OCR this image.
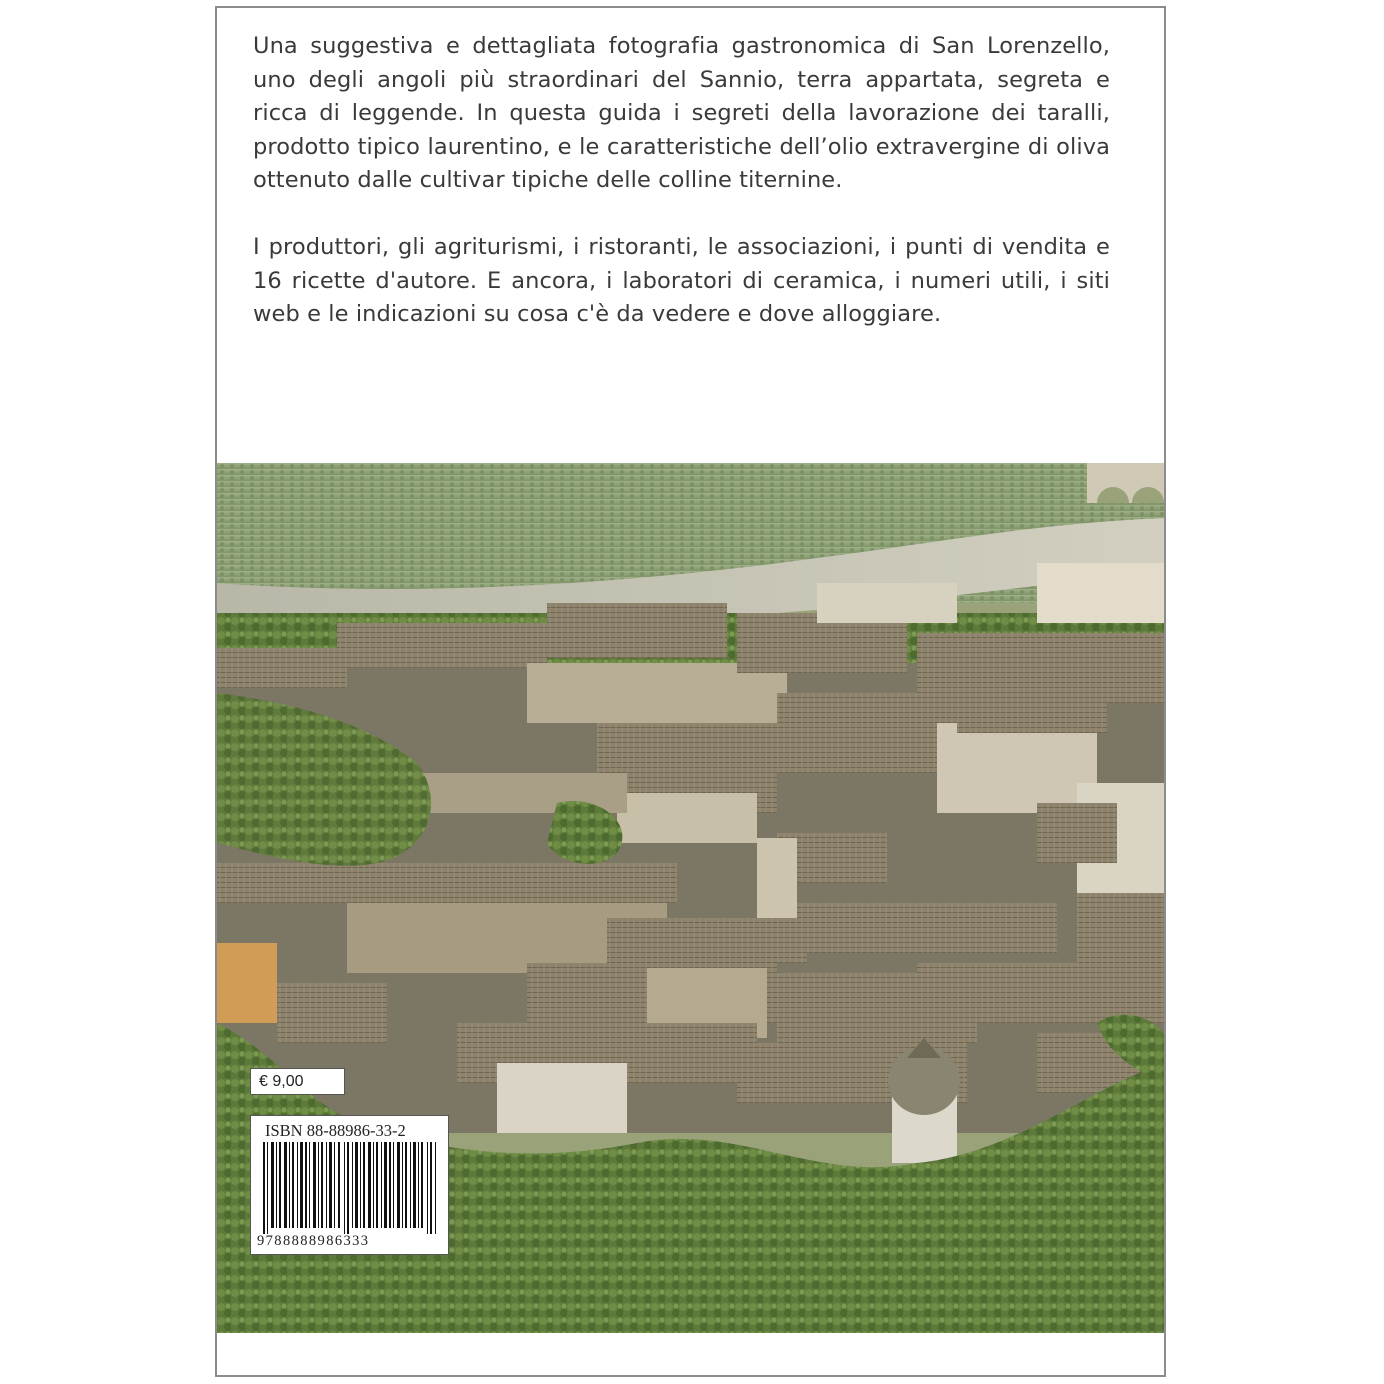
Una suggestiva e dettagliata fotografia gastronomica di San Lorenzello, uno degli angoli più straordinari del Sannio, terra appartata, segreta e ricca di leggende. In questa guida i segreti della lavorazione dei taralli, prodotto tipico laurentino, e le caratteristiche dell’olio extravergine di oliva ottenuto dalle cultivar tipiche delle colline titernine.

I produttori, gli agriturismi, i ristoranti, le associazioni, i punti di vendita e 16 ricette d'autore. E ancora, i laboratori di ceramica, i numeri utili, i siti web e le indicazioni su cosa c'è da vedere e dove alloggiare.

€ 9,00
ISBN 88-88986-33-2
9788888986333
